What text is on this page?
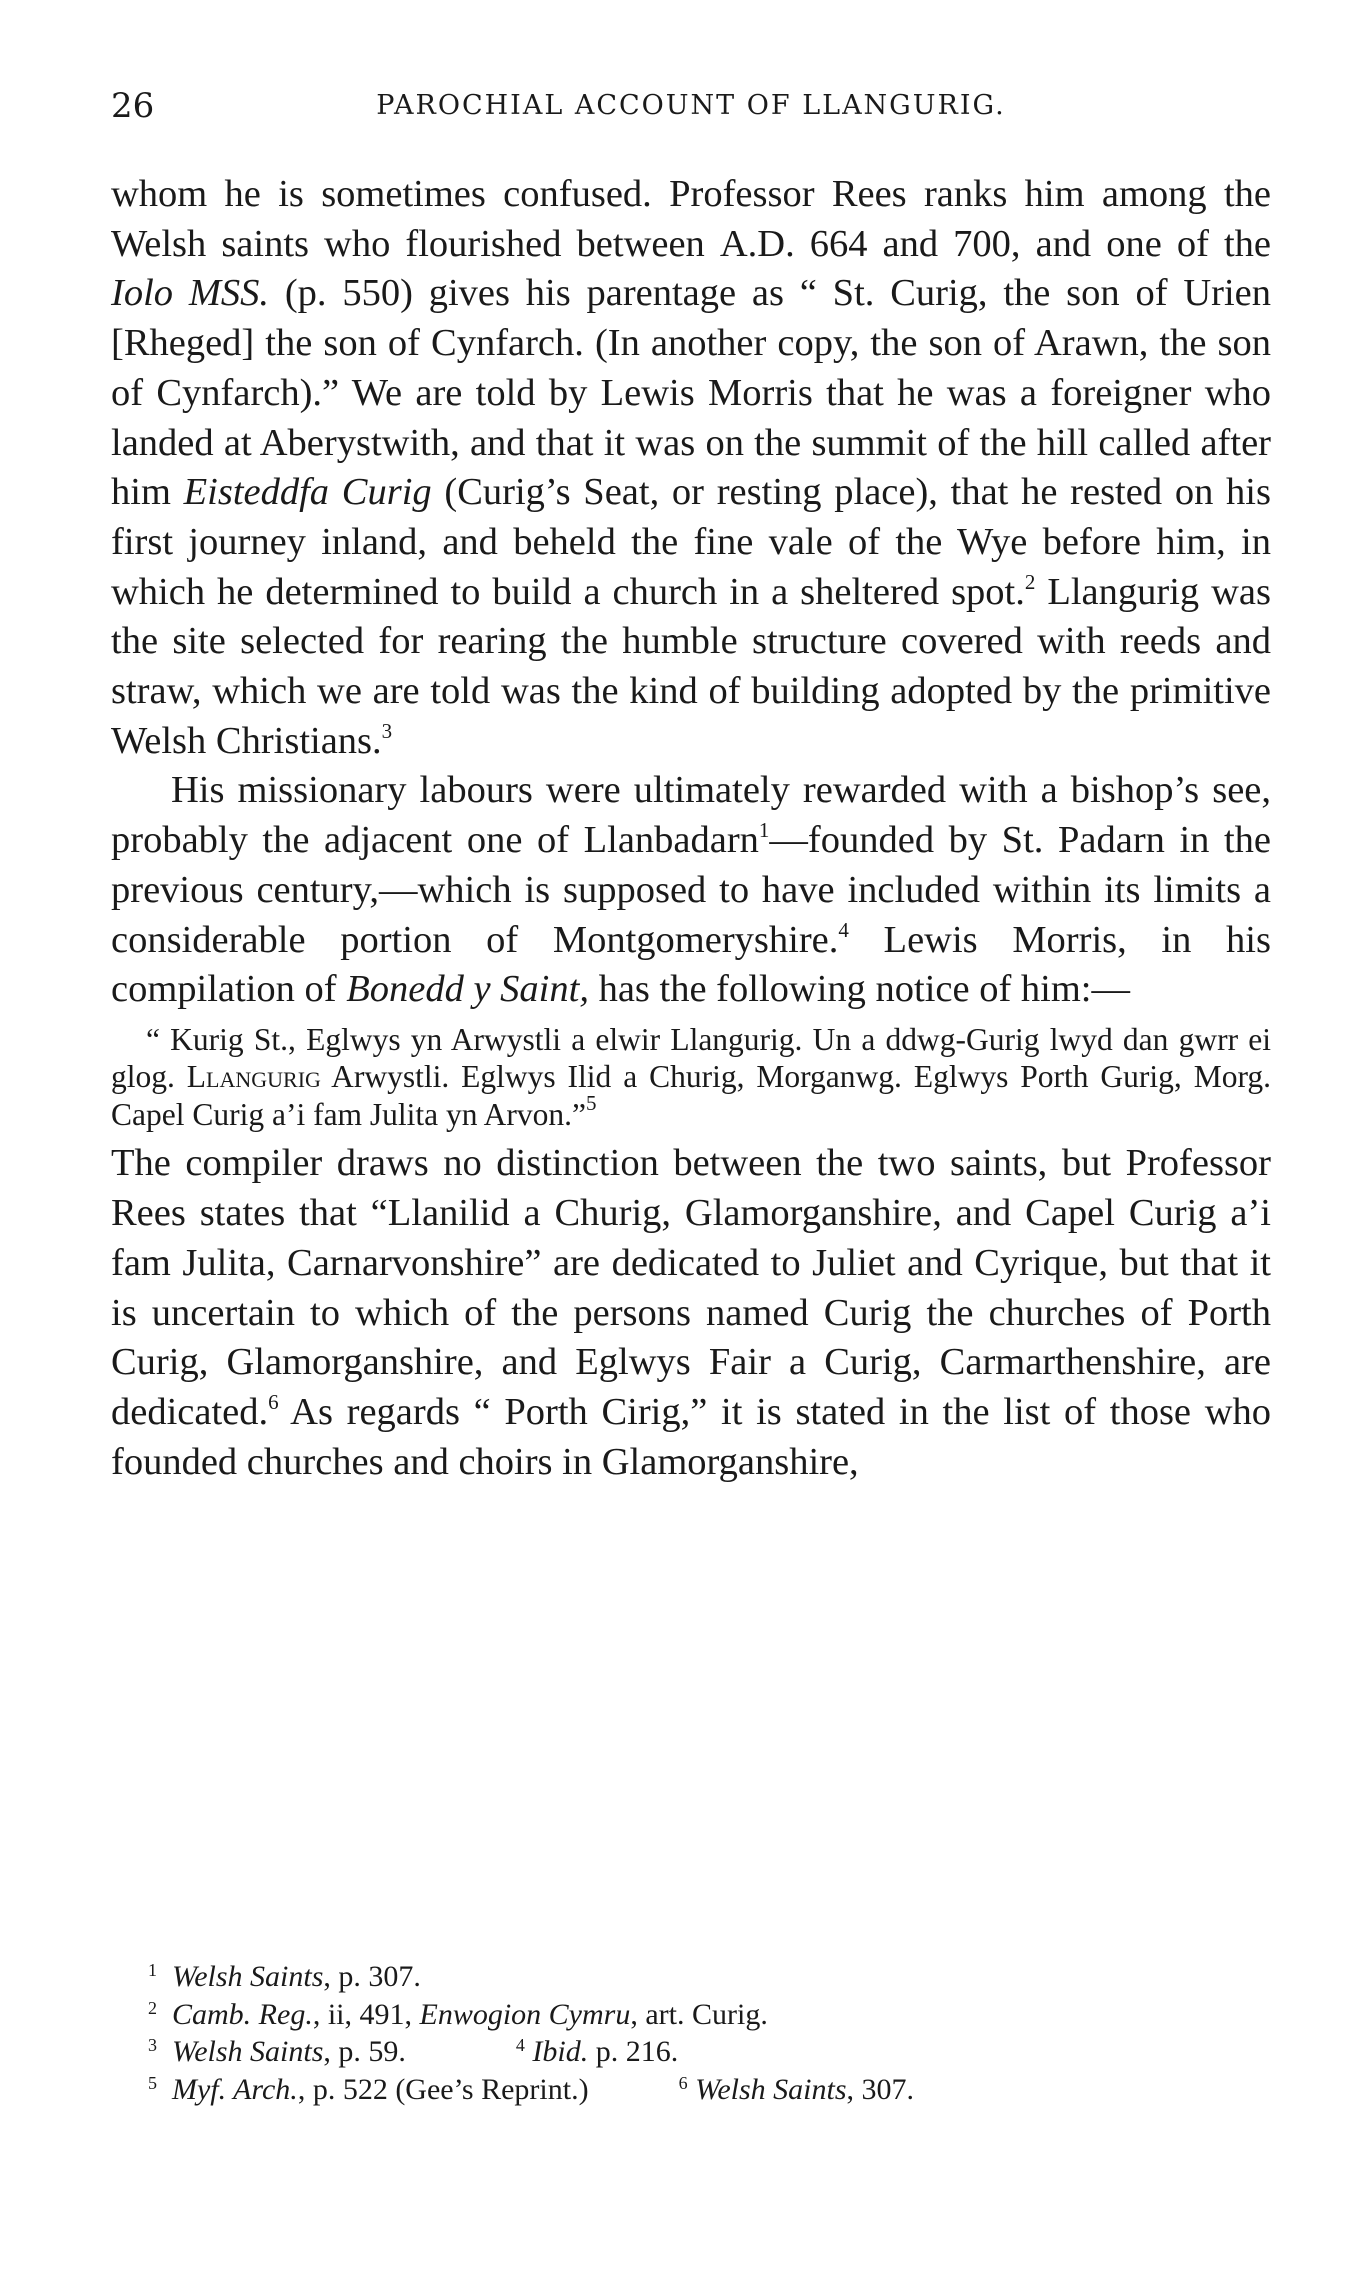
26	PAROCHIAL ACCOUNT OF LLANGURIG.

whom he is sometimes confused. Professor Rees ranks him among the Welsh saints who flourished between A.D. 664 and 700, and one of the Iolo MSS. (p. 550) gives his parentage as “ St. Curig, the son of Urien [Rheged] the son of Cynfarch. (In another copy, the son of Arawn, the son of Cynfarch).” We are told by Lewis Morris that he was a foreigner who landed at Aberystwith, and that it was on the summit of the hill called after him Eisteddfa Curig (Curig’s Seat, or resting place), that he rested on his first journey inland, and beheld the fine vale of the Wye before him, in which he determined to build a church in a sheltered spot.$^2$ Llangurig was the site selected for rearing the humble structure covered with reeds and straw, which we are told was the kind of building adopted by the primitive Welsh Christians.$^3$

His missionary labours were ultimately rewarded with a bishop’s see, probably the adjacent one of Llanbadarn$^1$—founded by St. Padarn in the previous century,—which is supposed to have included within its limits a considerable portion of Montgomeryshire.$^4$ Lewis Morris, in his compilation of Bonedd y Saint, has the following notice of him:—

“ Kurig St., Eglwys yn Arwystli a elwir Llangurig. Un a ddwg-Gurig lwyd dan gwrr ei glog. Llangurig Arwystli. Eglwys Ilid a Churig, Morganwg. Eglwys Porth Gurig, Morg. Capel Curig a’i fam Julita yn Arvon.”$^5$

The compiler draws no distinction between the two saints, but Professor Rees states that “Llanilid a Churig, Glamorganshire, and Capel Curig a’i fam Julita, Carnarvonshire” are dedicated to Juliet and Cyrique, but that it is uncertain to which of the persons named Curig the churches of Porth Curig, Glamorganshire, and Eglwys Fair a Curig, Carmarthenshire, are dedicated.$^6$ As regards “ Porth Cirig,” it is stated in the list of those who founded churches and choirs in Glamorganshire,

$^1$ Welsh Saints, p. 307.
$^2$ Camb. Reg., ii, 491, Enwogion Cymru, art. Curig.
$^3$ Welsh Saints, p. 59.	$^4$ Ibid. p. 216.
$^5$ Myf. Arch., p. 522 (Gee’s Reprint.)	$^6$ Welsh Saints, 307.
